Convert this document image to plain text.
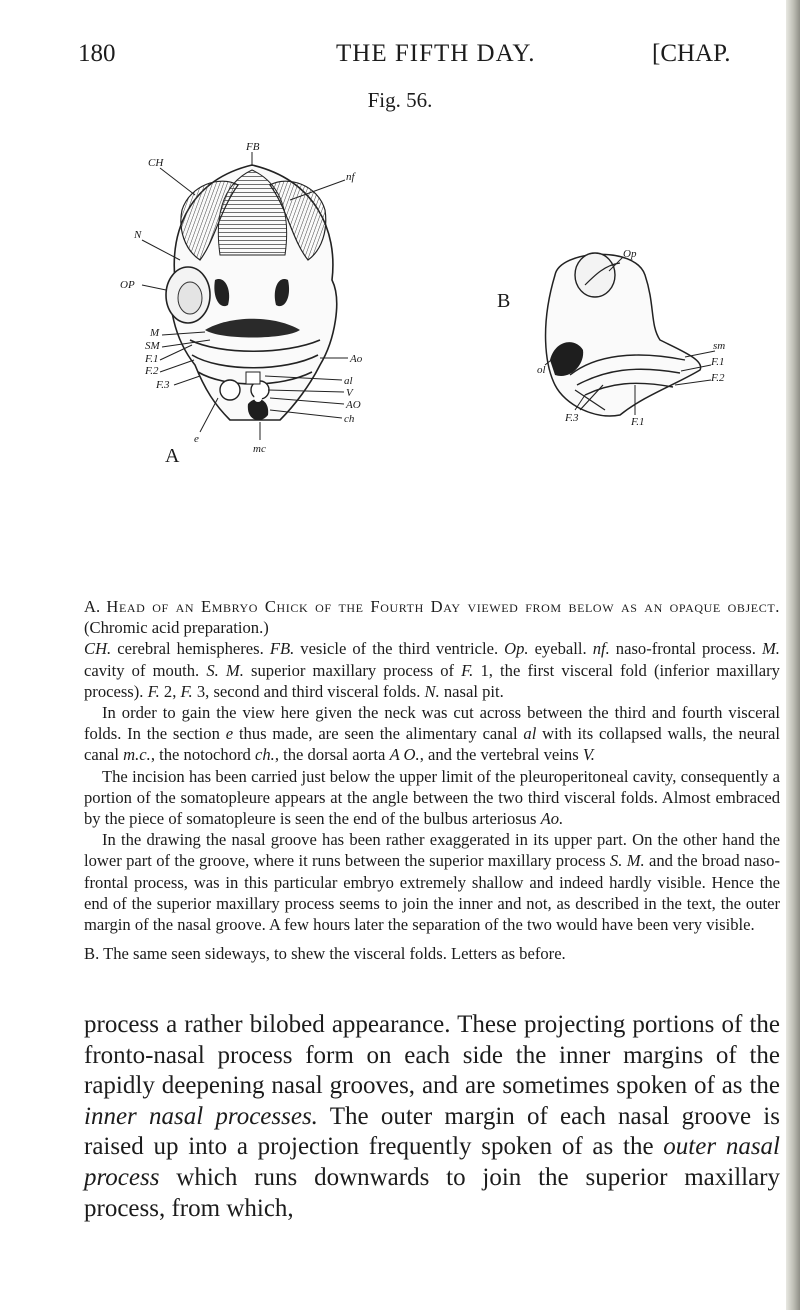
180	THE FIFTH DAY.	[CHAP.
Fig. 56.
FB
CH
N
nf
OP
M
SM
F.1
F.2
F.3
Ao
al
V
AO
ch
e
mc
A
Op
ol
sm
F.1
F.2
F.3	F.1
B

A. Head of an Embryo Chick of the Fourth Day viewed from below as an opaque object. (Chromic acid preparation.)

CH. cerebral hemispheres. FB. vesicle of the third ventricle. Op. eyeball. nf. naso-frontal process. M. cavity of mouth. S. M. superior maxillary process of F. 1, the first visceral fold (inferior maxillary process). F. 2, F. 3, second and third visceral folds. N. nasal pit.

In order to gain the view here given the neck was cut across between the third and fourth visceral folds. In the section e thus made, are seen the alimentary canal al with its collapsed walls, the neural canal m.c., the notochord ch., the dorsal aorta A O., and the vertebral veins V.

The incision has been carried just below the upper limit of the pleuroperitoneal cavity, consequently a portion of the somatopleure appears at the angle between the two third visceral folds. Almost embraced by the piece of somatopleure is seen the end of the bulbus arteriosus Ao.

In the drawing the nasal groove has been rather exaggerated in its upper part. On the other hand the lower part of the groove, where it runs between the superior maxillary process S. M. and the broad naso-frontal process, was in this particular embryo extremely shallow and indeed hardly visible. Hence the end of the superior maxillary process seems to join the inner and not, as described in the text, the outer margin of the nasal groove. A few hours later the separation of the two would have been very visible.

B. The same seen sideways, to shew the visceral folds. Letters as before.

process a rather bilobed appearance. These projecting portions of the fronto-nasal process form on each side the inner margins of the rapidly deepening nasal grooves, and are sometimes spoken of as the inner nasal processes. The outer margin of each nasal groove is raised up into a projection frequently spoken of as the outer nasal process which runs downwards to join the superior maxillary process, from which,
